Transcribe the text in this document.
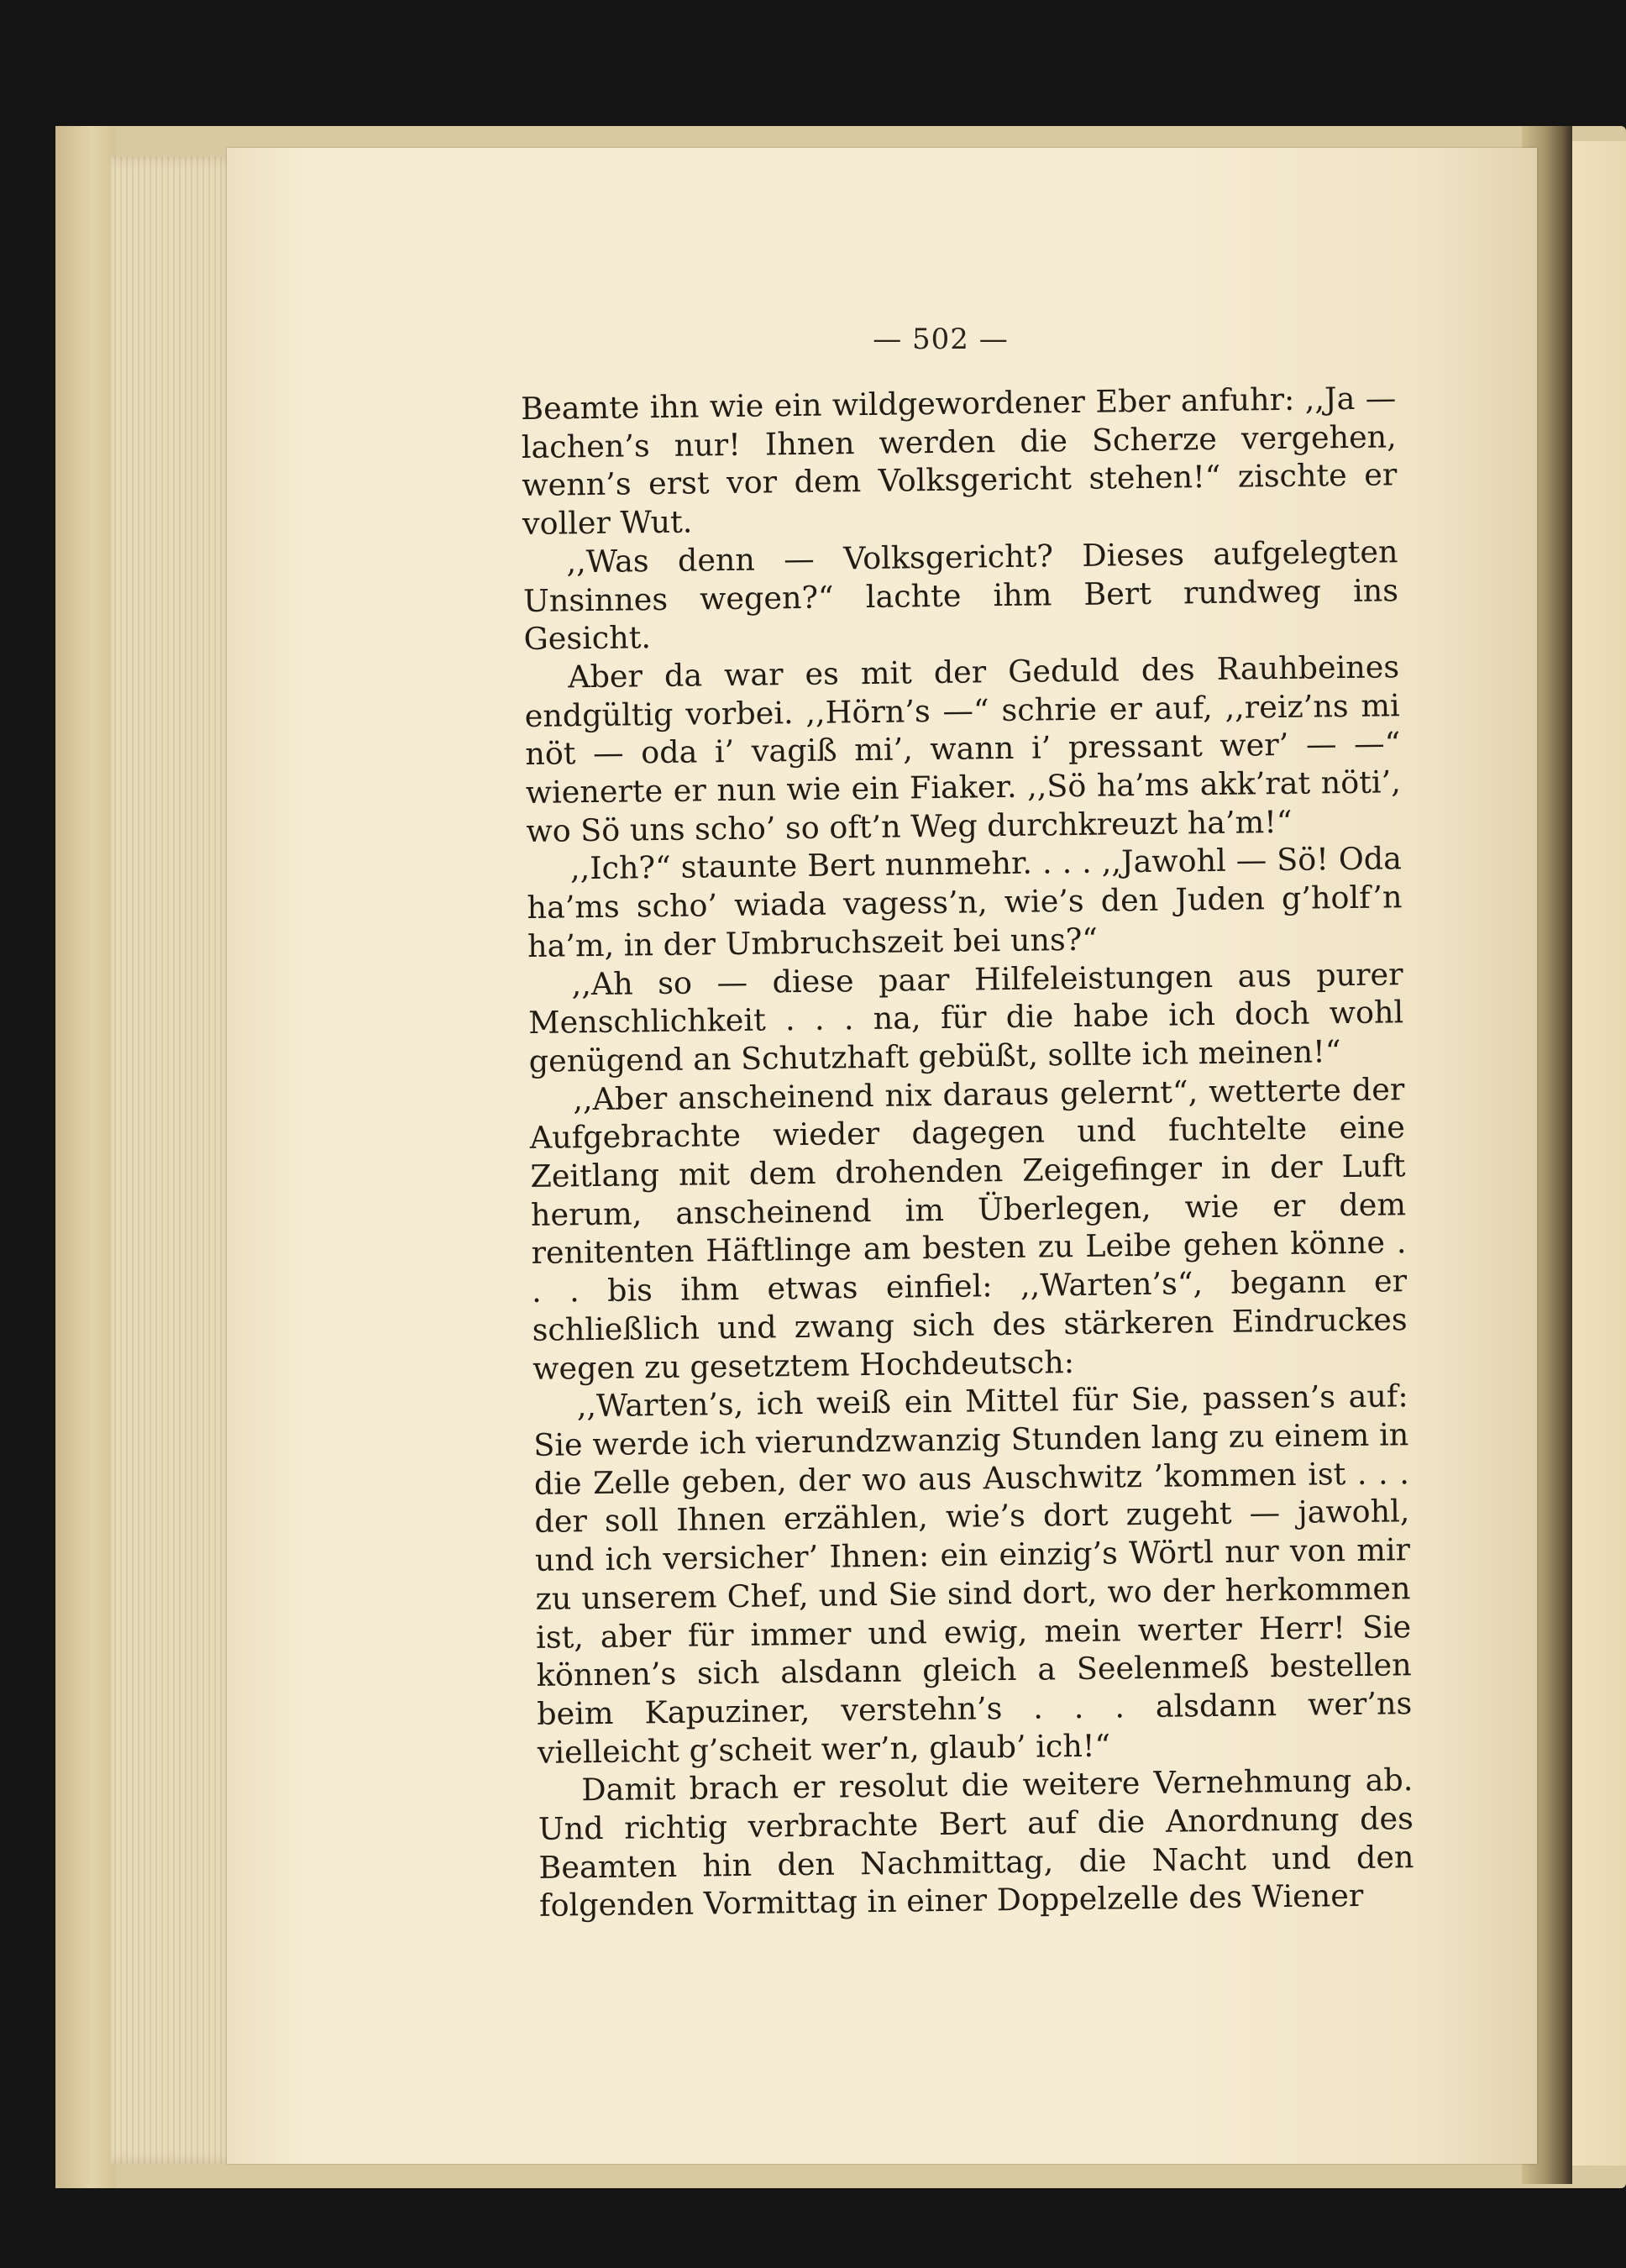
— 502 —

Beamte ihn wie ein wildgewordener Eber anfuhr: ,,Ja — lachen’s nur! Ihnen werden die Scherze vergehen, wenn’s erst vor dem Volksgericht stehen!“ zischte er voller Wut.

,,Was denn — Volksgericht? Dieses aufgelegten Unsinnes wegen?“ lachte ihm Bert rundweg ins Gesicht.

Aber da war es mit der Geduld des Rauhbeines endgültig vorbei. ,,Hörn’s —“ schrie er auf, ,,reiz’ns mi nöt — oda i’ vagiß mi’, wann i’ pressant wer’ — —“ wienerte er nun wie ein Fiaker. ,,Sö ha’ms akk’rat nöti’, wo Sö uns scho’ so oft’n Weg durchkreuzt ha’m!“

,,Ich?“ staunte Bert nunmehr. . . . ,,Jawohl — Sö! Oda ha’ms scho’ wiada vagess’n, wie’s den Juden g’holf’n ha’m, in der Umbruchszeit bei uns?“

,,Ah so — diese paar Hilfeleistungen aus purer Menschlichkeit . . . na, für die habe ich doch wohl genügend an Schutzhaft gebüßt, sollte ich meinen!“

,,Aber anscheinend nix daraus gelernt“, wetterte der Aufgebrachte wieder dagegen und fuchtelte eine Zeitlang mit dem drohenden Zeigefinger in der Luft herum, anscheinend im Überlegen, wie er dem renitenten Häftlinge am besten zu Leibe gehen könne . . . bis ihm etwas einfiel: ,,Warten’s“, begann er schließlich und zwang sich des stärkeren Eindruckes wegen zu gesetztem Hochdeutsch:

,,Warten’s, ich weiß ein Mittel für Sie, passen’s auf: Sie werde ich vierundzwanzig Stunden lang zu einem in die Zelle geben, der wo aus Auschwitz ’kommen ist . . . der soll Ihnen erzählen, wie’s dort zugeht — jawohl, und ich versicher’ Ihnen: ein einzig’s Wörtl nur von mir zu unserem Chef, und Sie sind dort, wo der herkommen ist, aber für immer und ewig, mein werter Herr! Sie können’s sich alsdann gleich a Seelenmeß bestellen beim Kapuziner, verstehn’s . . . alsdann wer’ns vielleicht g’scheit wer’n, glaub’ ich!“

Damit brach er resolut die weitere Vernehmung ab. Und richtig verbrachte Bert auf die Anordnung des Beamten hin den Nachmittag, die Nacht und den folgenden Vormittag in einer Doppelzelle des Wiener
